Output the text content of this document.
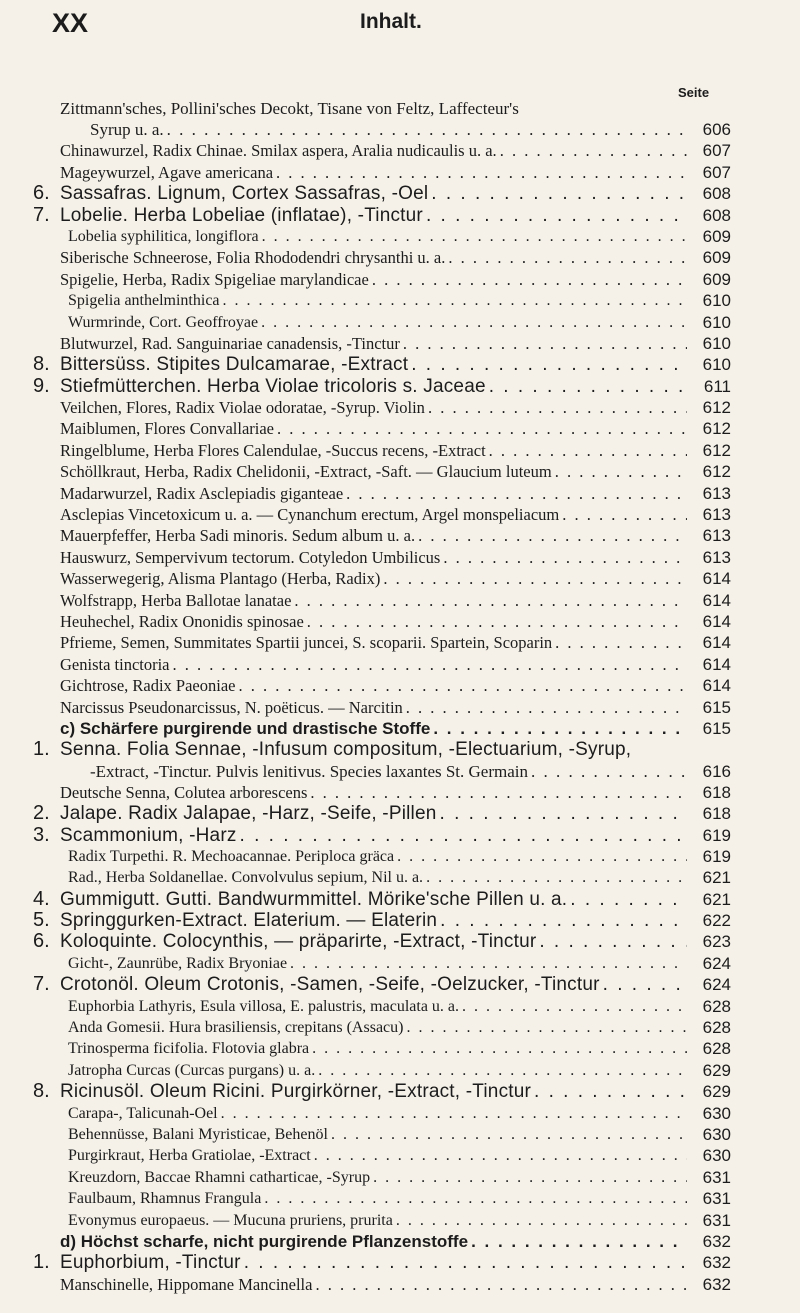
XX	Inhalt.
Seite
Zittmann'sches, Pollini'sches Decokt, Tisane von Feltz, Laffecteur's
Syrup u. a. . . .	606
Chinawurzel, Radix Chinae. Smilax aspera, Aralia nudicaulis u. a. . . .	607
Mageywurzel, Agave americana . . .	607
6. Sassafras. Lignum, Cortex Sassafras, -Oel . . .	608
7. Lobelie. Herba Lobeliae (inflatae), -Tinctur . . .	608
Lobelia syphilitica, longiflora . . .	609
Siberische Schneerose, Folia Rhododendri chrysanthi u. a. . . .	609
Spigelie, Herba, Radix Spigeliae marylandicae . . .	609
Spigelia anthelminthica . . .	610
Wurmrinde, Cort. Geoffroyae . . .	610
Blutwurzel, Rad. Sanguinariae canadensis, -Tinctur . . .	610
8. Bittersüss. Stipites Dulcamarae, -Extract . . .	610
9. Stiefmütterchen. Herba Violae tricoloris s. Jaceae . . .	611
Veilchen, Flores, Radix Violae odoratae, -Syrup. Violin . . .	612
Maiblumen, Flores Convallariae . . .	612
Ringelblume, Herba Flores Calendulae, -Succus recens, -Extract . . .	612
Schöllkraut, Herba, Radix Chelidonii, -Extract, -Saft. — Glaucium luteum . . .	612
Madarwurzel, Radix Asclepiadis giganteae . . .	613
Asclepias Vincetoxicum u. a. — Cynanchum erectum, Argel monspeliacum . . .	613
Mauerpfeffer, Herba Sadi minoris. Sedum album u. a. . . .	613
Hauswurz, Sempervivum tectorum. Cotyledon Umbilicus . . .	613
Wasserwegerig, Alisma Plantago (Herba, Radix) . . .	614
Wolfstrapp, Herba Ballotae lanatae . . .	614
Heuhechel, Radix Ononidis spinosae . . .	614
Pfrieme, Semen, Summitates Spartii juncei, S. scoparii. Spartein, Scoparin . . .	614
Genista tinctoria . . .	614
Gichtrose, Radix Paeoniae . . .	614
Narcissus Pseudonarcissus, N. poëticus. — Narcitin . . .	615
c) Schärfere purgirende und drastische Stoffe . . .	615
1. Senna. Folia Sennae, -Infusum compositum, -Electuarium, -Syrup,
-Extract, -Tinctur. Pulvis lenitivus. Species laxantes St. Germain . . .	616
Deutsche Senna, Colutea arborescens . . .	618
2. Jalape. Radix Jalapae, -Harz, -Seife, -Pillen . . .	618
3. Scammonium, -Harz . . .	619
Radix Turpethi. R. Mechoacannae. Periploca gräca . . .	619
Rad., Herba Soldanellae. Convolvulus sepium, Nil u. a. . . .	621
4. Gummigutt. Gutti. Bandwurmmittel. Mörike'sche Pillen u. a. . . .	621
5. Springgurken-Extract. Elaterium. — Elaterin . . .	622
6. Koloquinte. Colocynthis, — präparirte, -Extract, -Tinctur . . .	623
Gicht-, Zaunrübe, Radix Bryoniae . . .	624
7. Crotonöl. Oleum Crotonis, -Samen, -Seife, -Oelzucker, -Tinctur . . .	624
Euphorbia Lathyris, Esula villosa, E. palustris, maculata u. a. . . .	628
Anda Gomesii. Hura brasiliensis, crepitans (Assacu) . . .	628
Trinosperma ficifolia. Flotovia glabra . . .	628
Jatropha Curcas (Curcas purgans) u. a. . . .	629
8. Ricinusöl. Oleum Ricini. Purgirkörner, -Extract, -Tinctur . . .	629
Carapa-, Talicunah-Oel . . .	630
Behennüsse, Balani Myristicae, Behenöl . . .	630
Purgirkraut, Herba Gratiolae, -Extract . . .	630
Kreuzdorn, Baccae Rhamni catharticae, -Syrup . . .	631
Faulbaum, Rhamnus Frangula . . .	631
Evonymus europaeus. — Mucuna pruriens, prurita . . .	631
d) Höchst scharfe, nicht purgirende Pflanzenstoffe . . .	632
1. Euphorbium, -Tinctur . . .	632
Manschinelle, Hippomane Mancinella . . .	632
